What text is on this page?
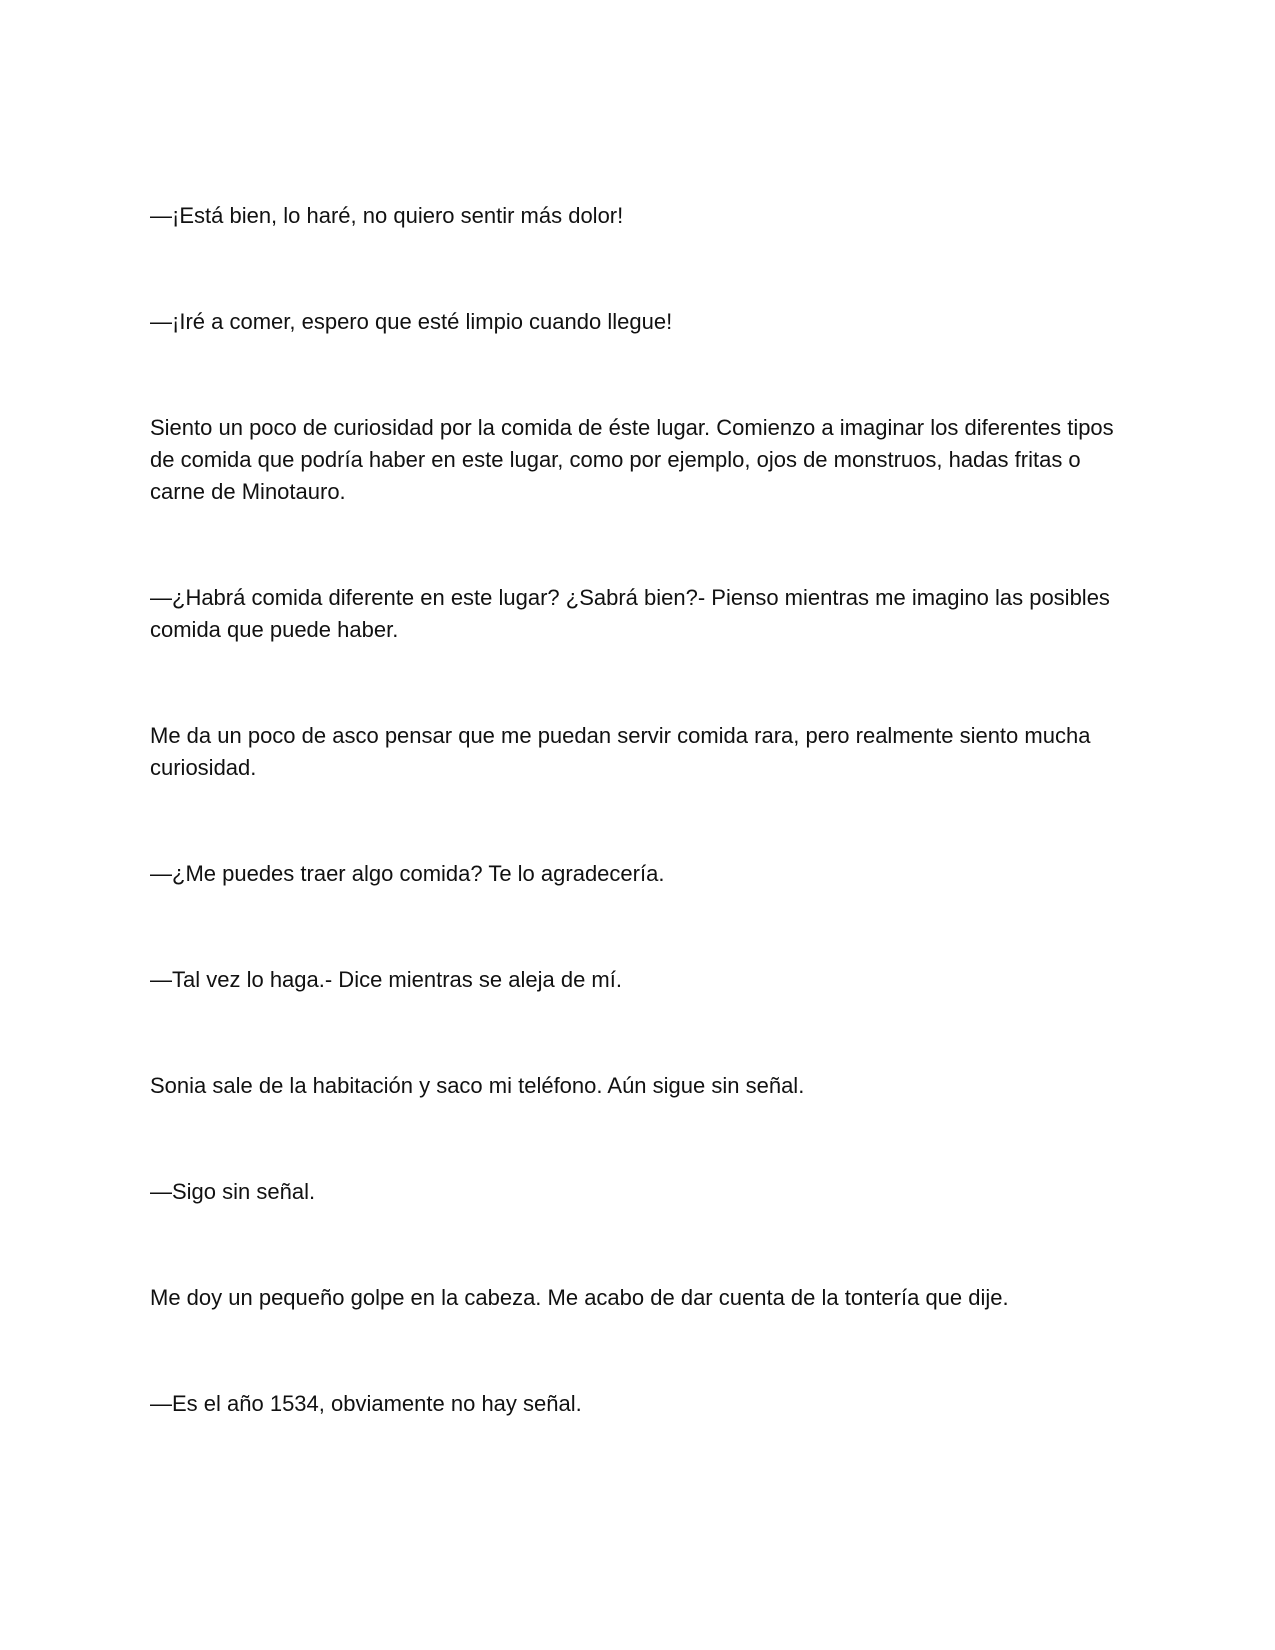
—¡Está bien, lo haré, no quiero sentir más dolor!

—¡Iré a comer, espero que esté limpio cuando llegue!

Siento un poco de curiosidad por la comida de éste lugar. Comienzo a imaginar los diferentes tipos de comida que podría haber en este lugar, como por ejemplo, ojos de monstruos, hadas fritas o carne de Minotauro.

—¿Habrá comida diferente en este lugar? ¿Sabrá bien?- Pienso mientras me imagino las posibles comida que puede haber.

Me da un poco de asco pensar que me puedan servir comida rara, pero realmente siento mucha curiosidad.

—¿Me puedes traer algo comida? Te lo agradecería.

—Tal vez lo haga.- Dice mientras se aleja de mí.

Sonia sale de la habitación y saco mi teléfono. Aún sigue sin señal.

—Sigo sin señal.

Me doy un pequeño golpe en la cabeza. Me acabo de dar cuenta de la tontería que dije.

—Es el año 1534, obviamente no hay señal.
